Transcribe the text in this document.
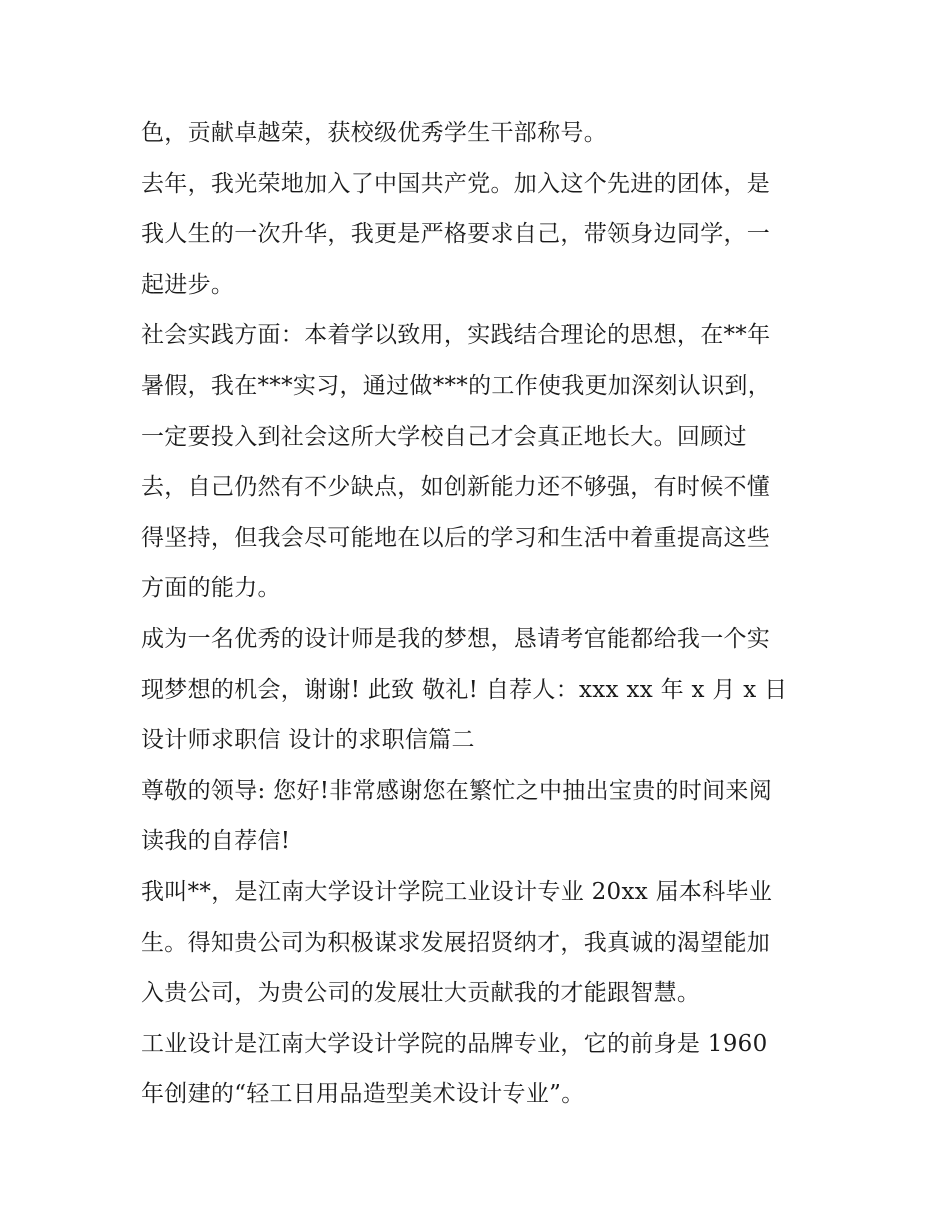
色，贡献卓越荣，获校级优秀学生干部称号。
去年，我光荣地加入了中国共产党。加入这个先进的团体，是
我人生的一次升华，我更是严格要求自己，带领身边同学，一
起进步。
社会实践方面：本着学以致用，实践结合理论的思想，在**年
暑假，我在***实习，通过做***的工作使我更加深刻认识到，
一定要投入到社会这所大学校自己才会真正地长大。回顾过
去，自己仍然有不少缺点，如创新能力还不够强，有时候不懂
得坚持，但我会尽可能地在以后的学习和生活中着重提高这些
方面的能力。
成为一名优秀的设计师是我的梦想，恳请考官能都给我一个实
现梦想的机会，谢谢! 此致 敬礼! 自荐人：xxx xx 年 x 月 x 日
设计师求职信 设计的求职信篇二
尊敬的领导: 您好!非常感谢您在繁忙之中抽出宝贵的时间来阅
读我的自荐信!
我叫**，是江南大学设计学院工业设计专业 20xx 届本科毕业
生。得知贵公司为积极谋求发展招贤纳才，我真诚的渴望能加
入贵公司，为贵公司的发展壮大贡献我的才能跟智慧。
工业设计是江南大学设计学院的品牌专业，它的前身是 1960
年创建的“轻工日用品造型美术设计专业”。
